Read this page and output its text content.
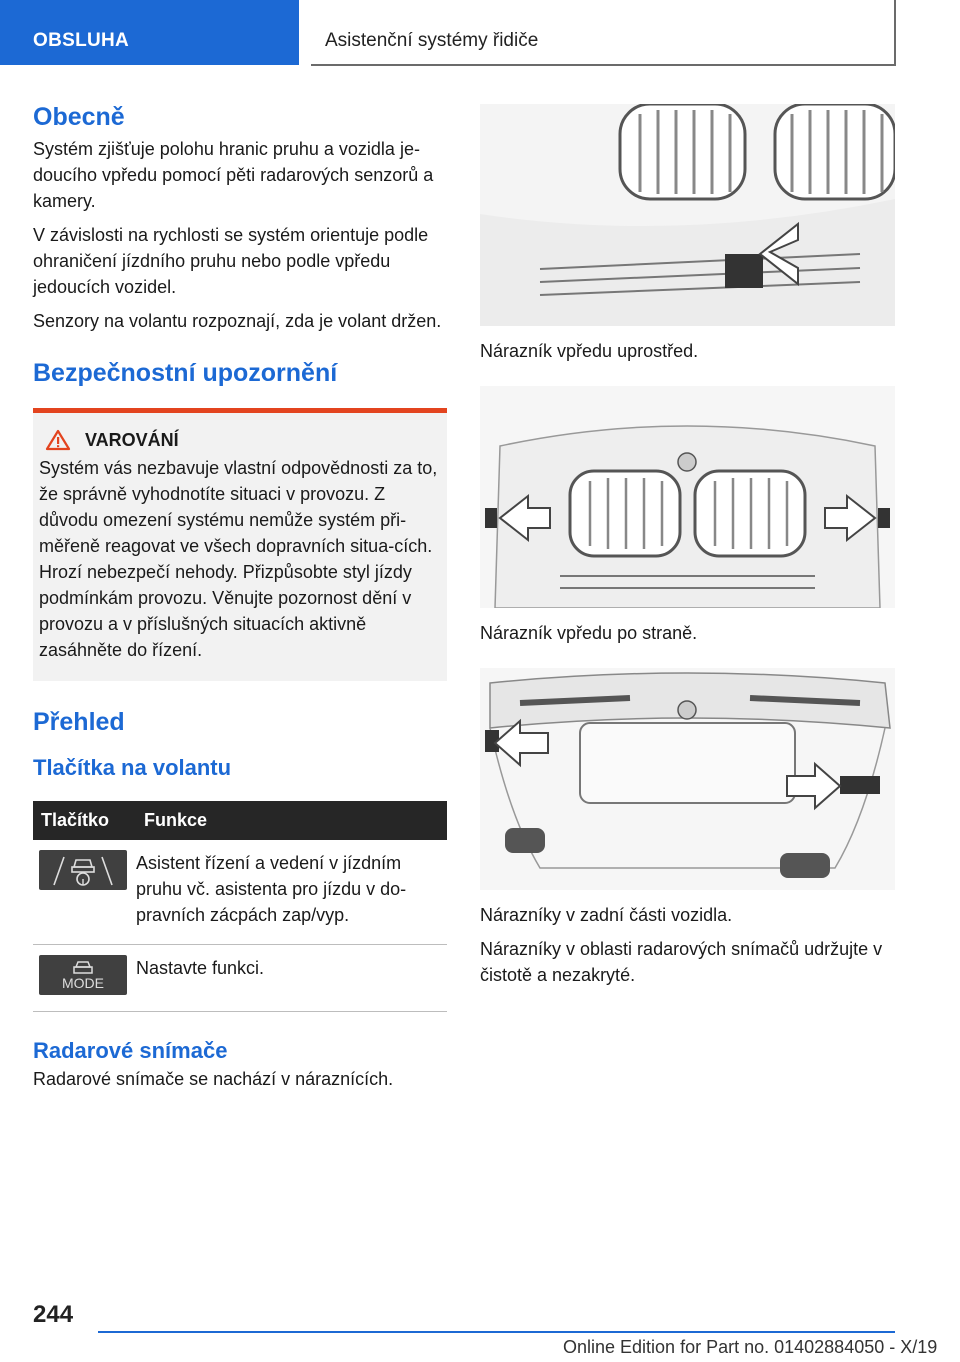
OBSLUHA	Asistenční systémy řidiče
Obecně

Systém zjišťuje polohu hranic pruhu a vozidla je-doucího vpředu pomocí pěti radarových senzorů a kamery.

V závislosti na rychlosti se systém orientuje podle ohraničení jízdního pruhu nebo podle vpředu jedoucích vozidel.

Senzory na volantu rozpoznají, zda je volant držen.

Bezpečnostní upozornění
VAROVÁNÍ

Systém vás nezbavuje vlastní odpovědnosti za to, že správně vyhodnotíte situaci v provozu. Z důvodu omezení systému nemůže systém při-měřeně reagovat ve všech dopravních situa-cích. Hrozí nebezpečí nehody. Přizpůsobte styl jízdy podmínkám provozu. Věnujte pozornost dění v provozu a v příslušných situacích aktivně zasáhněte do řízení.

Přehled
Tlačítka na volantu
Tlačítko	Funkce

	Asistent řízení a vedení v jízdním pruhu vč. asistenta pro jízdu v do-pravních zácpách zap/vyp.

MODE	Nastavte funkci.
Radarové snímače

Radarové snímače se nachází v náraznících.

Nárazník vpředu uprostřed.
Nárazník vpředu po straně.
Nárazníky v zadní části vozidla.

Nárazníky v oblasti radarových snímačů udržujte v čistotě a nezakryté.

244
Online Edition for Part no. 01402884050 - X/19
